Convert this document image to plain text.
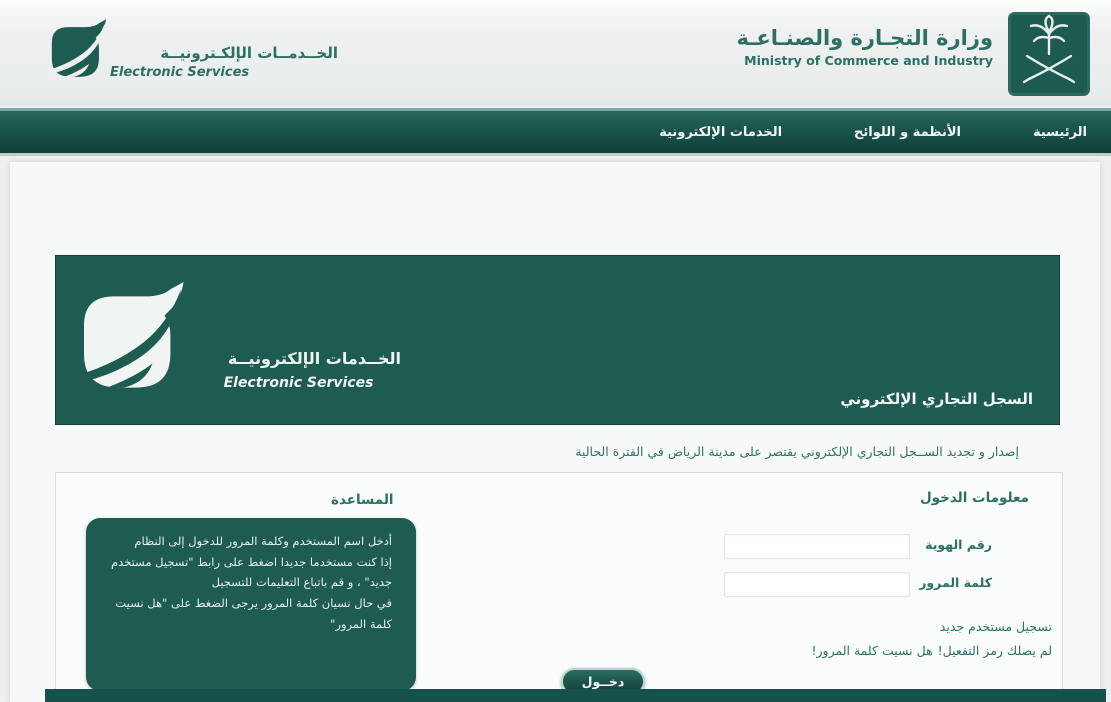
الخــدمــات الإلكـترونيــة
Electronic Services
وزارة التجـارة والصنـاعـة
Ministry of Commerce and Industry
الرئيسية
الأنظمة و اللوائح
الخدمات الإلكترونية
الخــدمات الإلكترونيــة
Electronic Services
السجل التجاري الإلكتروني
إصدار و تجديد الســجل التجاري الإلكتروني يقتصر على مدينة الرياض في الفترة الحالية
معلومات الدخول
رقم الهوية
كلمة المرور
تسجيل مستخدم جديد
لم يصلك رمز التفعيل!
هل نسيت كلمة المرور!
دخــول
المساعدة

أدخل اسم المستخدم وكلمة المرور للدخول إلى النظام

إذا كنت مستخدما جديدا اضغط على رابط "تسجيل مستخدم جديد" ، و قم باتباع التعليمات للتسجيل

في حال نسيان كلمة المرور يرجى الضغط على "هل نسيت كلمة المرور"
